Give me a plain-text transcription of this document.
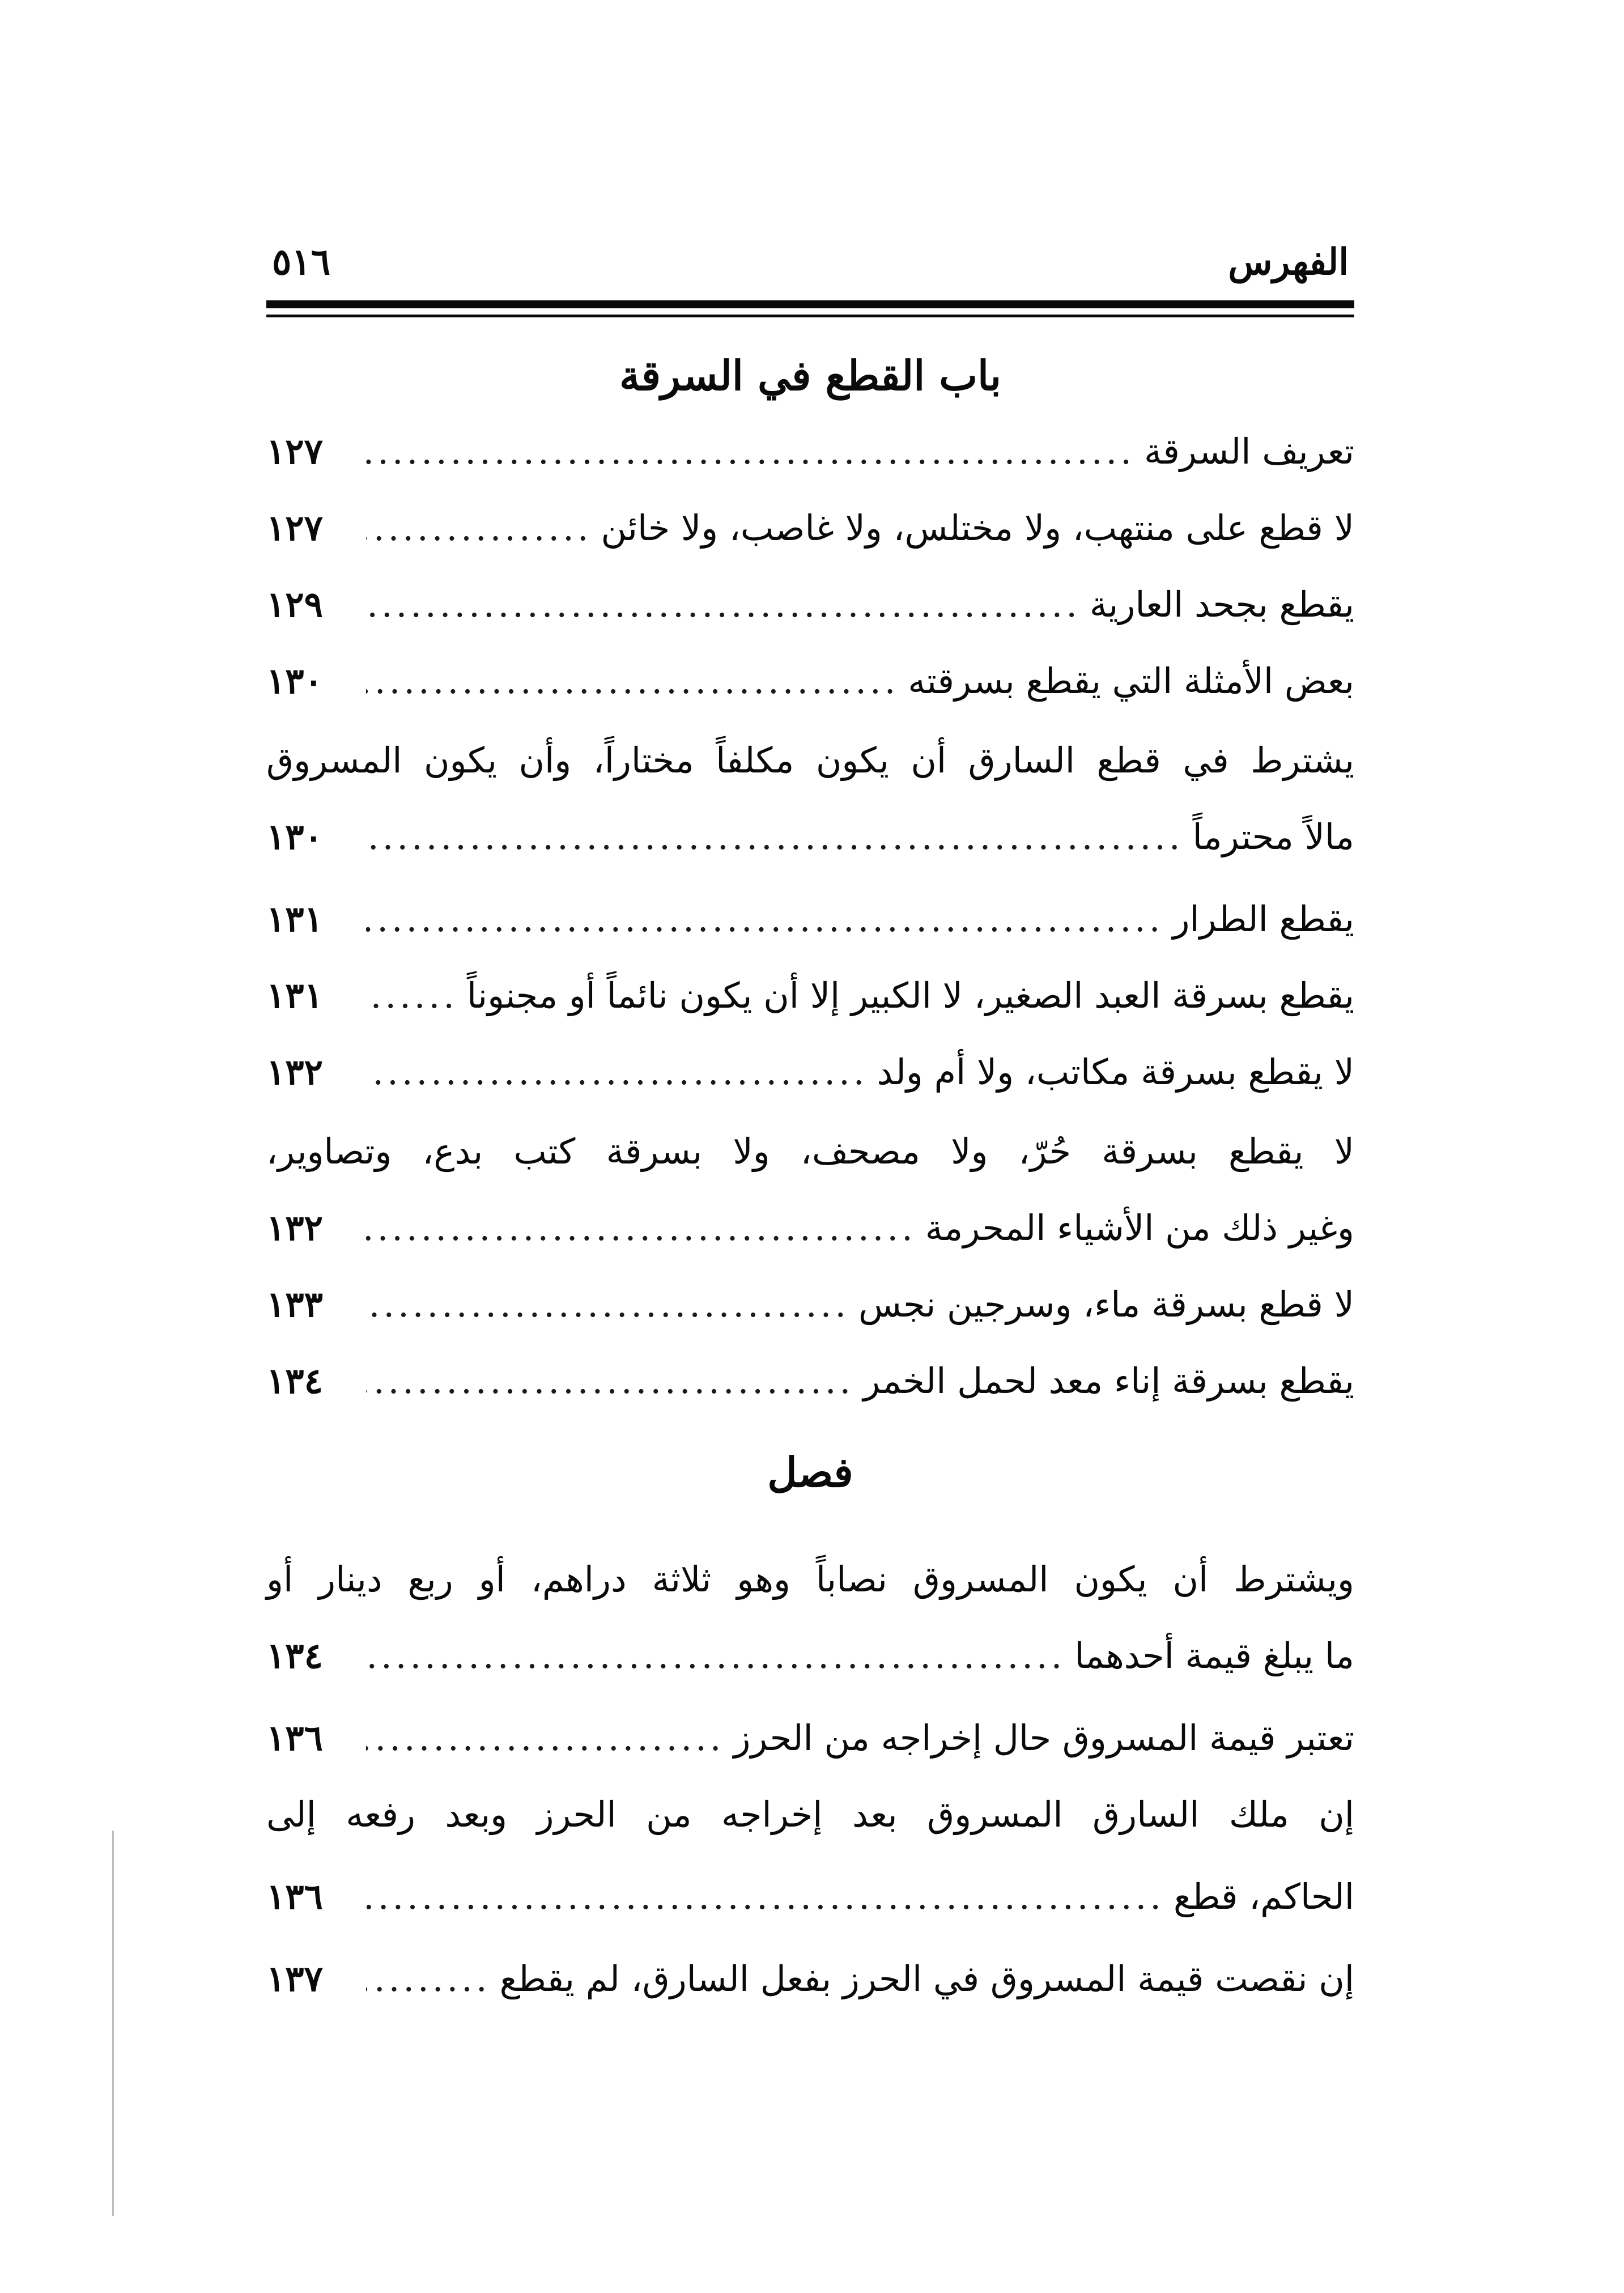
الفهرس
٥١٦
باب القطع في السرقة
تعريف السرقة
.....
١٢٧
لا قطع على منتهب، ولا مختلس، ولا غاصب، ولا خائن
.....
١٢٧
يقطع بجحد العارية
.....
١٢٩
بعض الأمثلة التي يقطع بسرقته
.....
١٣٠
يشترط في قطع السارق أن يكون مكلفاً مختاراً، وأن يكون المسروق
مالاً محترماً
.....
١٣٠
يقطع الطرار
.....
١٣١
يقطع بسرقة العبد الصغير، لا الكبير إلا أن يكون نائماً أو مجنوناً
.....
١٣١
لا يقطع بسرقة مكاتب، ولا أم ولد
.....
١٣٢
لا يقطع بسرقة حُرّ، ولا مصحف، ولا بسرقة كتب بدع، وتصاوير،
وغير ذلك من الأشياء المحرمة
.....
١٣٢
لا قطع بسرقة ماء، وسرجين نجس
.....
١٣٣
يقطع بسرقة إناء معد لحمل الخمر
.....
١٣٤
فصل
ويشترط أن يكون المسروق نصاباً وهو ثلاثة دراهم، أو ربع دينار أو
ما يبلغ قيمة أحدهما
.....
١٣٤
تعتبر قيمة المسروق حال إخراجه من الحرز
.....
١٣٦
إن ملك السارق المسروق بعد إخراجه من الحرز وبعد رفعه إلى
الحاكم، قطع
.....
١٣٦
إن نقصت قيمة المسروق في الحرز بفعل السارق، لم يقطع
.....
١٣٧
